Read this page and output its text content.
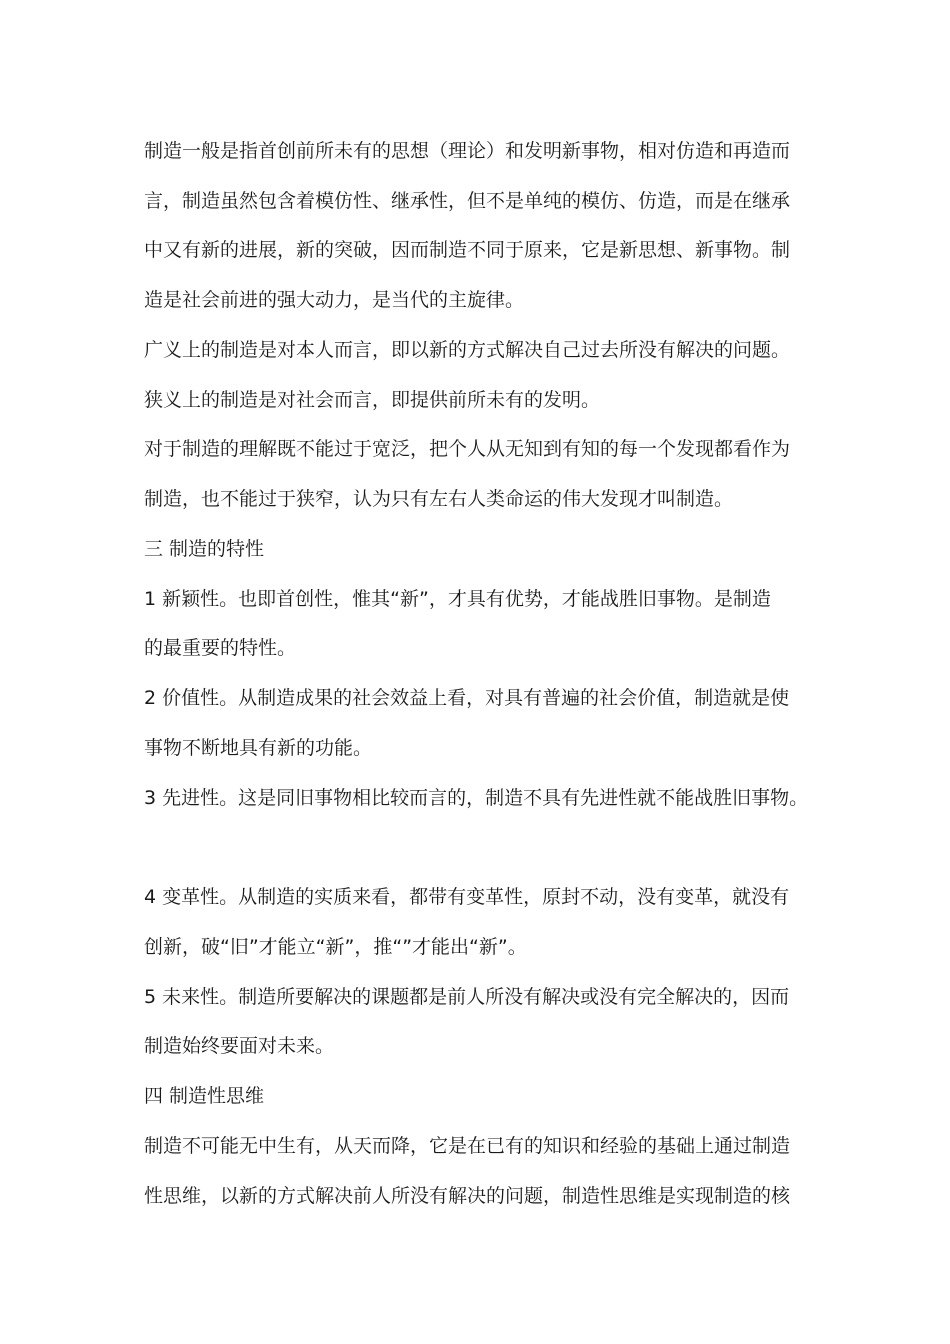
制造一般是指首创前所未有的思想（理论）和发明新事物，相对仿造和再造而

言，制造虽然包含着模仿性、继承性，但不是单纯的模仿、仿造，而是在继承

中又有新的进展，新的突破，因而制造不同于原来，它是新思想、新事物。制

造是社会前进的强大动力，是当代的主旋律。

广义上的制造是对本人而言，即以新的方式解决自己过去所没有解决的问题。

狭义上的制造是对社会而言，即提供前所未有的发明。

对于制造的理解既不能过于宽泛，把个人从无知到有知的每一个发现都看作为

制造，也不能过于狭窄，认为只有左右人类命运的伟大发现才叫制造。

三 制造的特性

1 新颖性。也即首创性，惟其“新”，才具有优势，才能战胜旧事物。是制造

的最重要的特性。

2 价值性。从制造成果的社会效益上看，对具有普遍的社会价值，制造就是使

事物不断地具有新的功能。

3 先进性。这是同旧事物相比较而言的，制造不具有先进性就不能战胜旧事物。

4 变革性。从制造的实质来看，都带有变革性，原封不动，没有变革，就没有

创新，破“旧”才能立“新”，推“”才能出“新”。

5 未来性。制造所要解决的课题都是前人所没有解决或没有完全解决的，因而

制造始终要面对未来。

四 制造性思维

制造不可能无中生有，从天而降，它是在已有的知识和经验的基础上通过制造

性思维，以新的方式解决前人所没有解决的问题，制造性思维是实现制造的核
